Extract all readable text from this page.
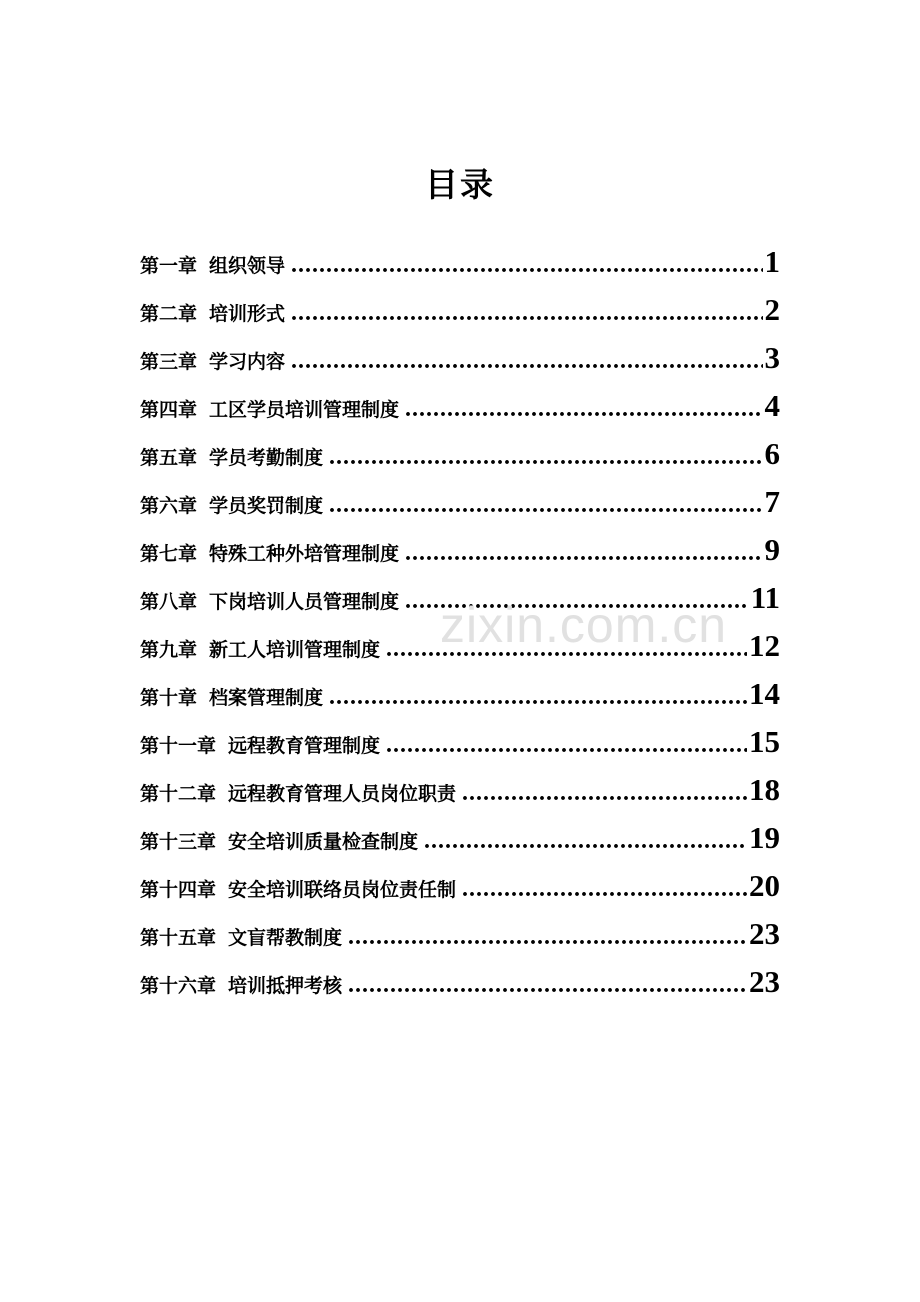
目录
第一章 组织领导 .....	1
第二章 培训形式 .....	2
第三章 学习内容 .....	3
第四章 工区学员培训管理制度 .....	4
第五章 学员考勤制度 .....	6
第六章 学员奖罚制度 .....	7
第七章 特殊工种外培管理制度 .....	9
第八章 下岗培训人员管理制度 .....	11
第九章 新工人培训管理制度 .....	12
第十章 档案管理制度 .....	14
第十一章 远程教育管理制度 .....	15
第十二章 远程教育管理人员岗位职责 .....	18
第十三章 安全培训质量检查制度 .....	19
第十四章 安全培训联络员岗位责任制 .....	20
第十五章 文盲帮教制度 .....	23
第十六章 培训抵押考核 .....	23
zixin.com.cn
